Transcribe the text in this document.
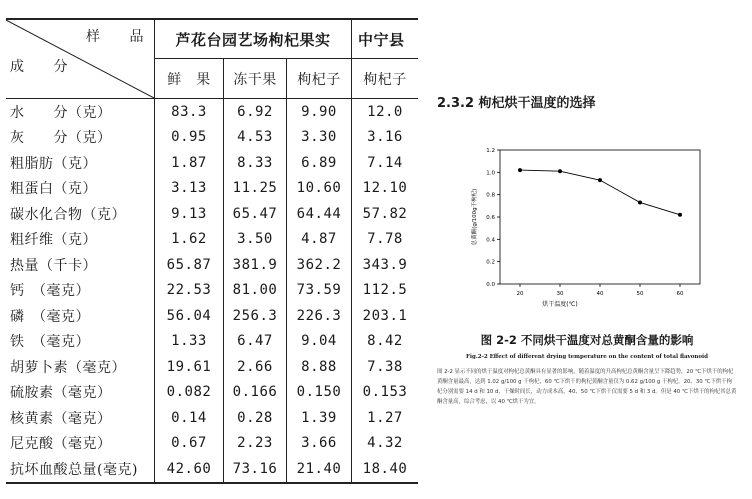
样　　品
成　　分	芦花台园艺场枸杞果实			中宁县
	鲜　果	冻干果	枸杞子	枸杞子
水　　分（克）	83.3	6.92	9.90	12.0
灰　　分（克）	0.95	4.53	3.30	3.16
粗脂肪（克）	1.87	8.33	6.89	7.14
粗蛋白（克）	3.13	11.25	10.60	12.10
碳水化合物（克）	9.13	65.47	64.44	57.82
粗纤维（克）	1.62	3.50	4.87	7.78
热量（千卡）	65.87	381.9	362.2	343.9
钙　（毫克）	22.53	81.00	73.59	112.5
磷　（毫克）	56.04	256.3	226.3	203.1
铁　（毫克）	1.33	6.47	9.04	8.42
胡萝卜素（毫克）	19.61	2.66	8.88	7.38
硫胺素（毫克）	0.082	0.166	0.150	0.153
核黄素（毫克）	0.14	0.28	1.39	1.27
尼克酸（毫克）	0.67	2.23	3.66	4.32
抗坏血酸总量(毫克)	42.60	73.16	21.40	18.40
2.3.2 枸杞烘干温度的选择
0.0
0.2
0.4
0.6
0.8
1.0
1.2
20	30	40	50	60
烘干温度(℃)
总黄酮(g/100g干枸杞)
图 2-2 不同烘干温度对总黄酮含量的影响
Fig.2-2 Effect of different drying temperature on the content of total flavonoid
图 2-2 显示不同的烘干温度对枸杞总黄酮具有显著的影响，随着温度的升高枸杞总黄酮含量呈下降趋势，20 ℃下烘干的枸杞黄酮含量最高，达到 1.02 g/100 g 干枸杞，60 ℃下烘干的枸杞黄酮含量仅为 0.62 g/100 g 干枸杞。20、30 ℃下烘干枸杞分别需要 14 d 和 10 d，干燥时间长，动力成本高，40、50 ℃下烘干仅需要 5 d 和 3 d。但是 40 ℃下烘干的枸杞其总黄酮含量高，综合考虑，以 40 ℃烘干为宜。
